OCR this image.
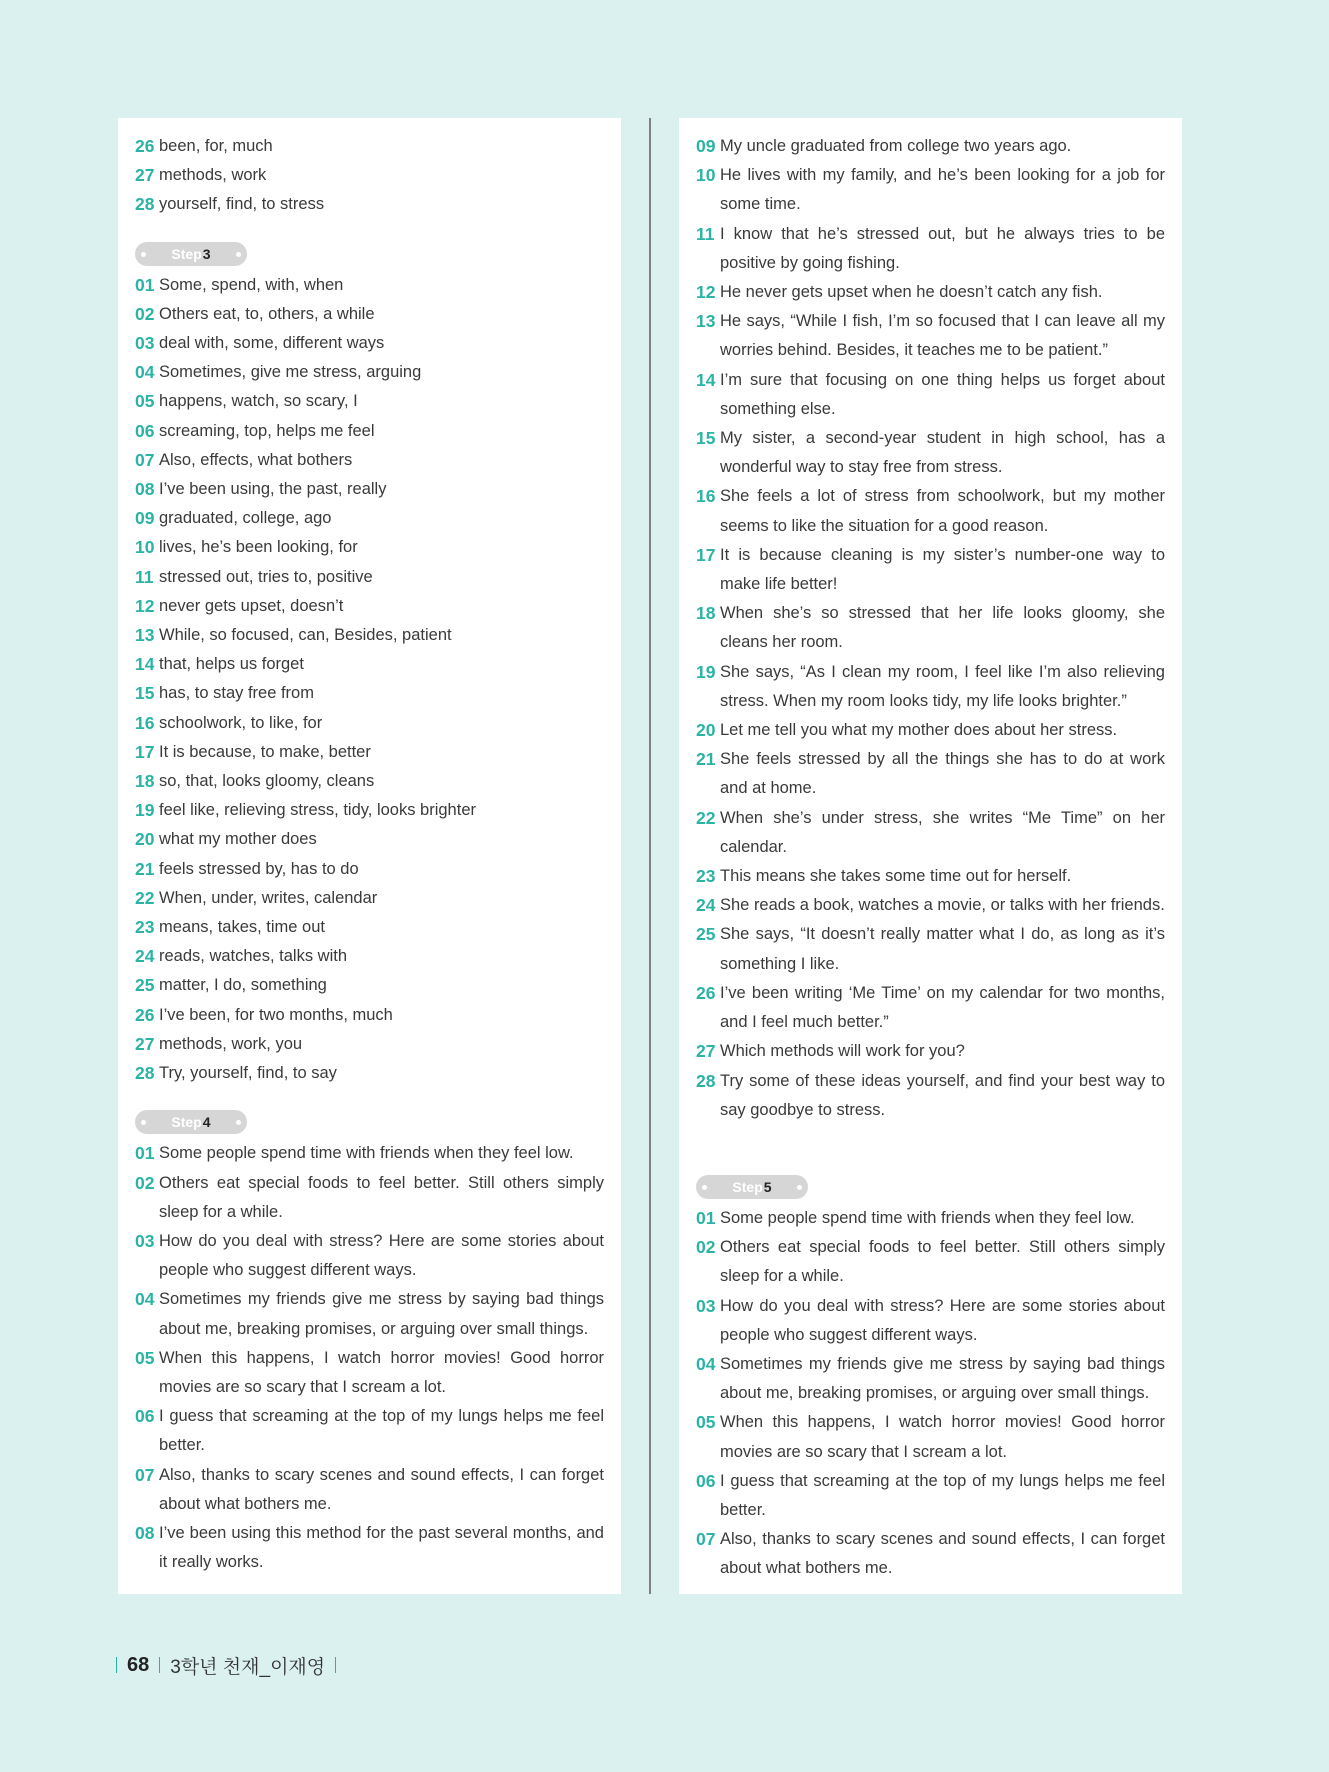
26 been, for, much
27 methods, work
28 yourself, find, to stress
Step 3
01 Some, spend, with, when
02 Others eat, to, others, a while
03 deal with, some, different ways
04 Sometimes, give me stress, arguing
05 happens, watch, so scary, I
06 screaming, top, helps me feel
07 Also, effects, what bothers
08 I’ve been using, the past, really
09 graduated, college, ago
10 lives, he’s been looking, for
11 stressed out, tries to, positive
12 never gets upset, doesn’t
13 While, so focused, can, Besides, patient
14 that, helps us forget
15 has, to stay free from
16 schoolwork, to like, for
17 It is because, to make, better
18 so, that, looks gloomy, cleans
19 feel like, relieving stress, tidy, looks brighter
20 what my mother does
21 feels stressed by, has to do
22 When, under, writes, calendar
23 means, takes, time out
24 reads, watches, talks with
25 matter, I do, something
26 I’ve been, for two months, much
27 methods, work, you
28 Try, yourself, find, to say
Step 4
01 Some people spend time with friends when they feel low.
02 Others eat special foods to feel better. Still others simply sleep for a while.
03 How do you deal with stress? Here are some stories about people who suggest different ways.
04 Sometimes my friends give me stress by saying bad things about me, breaking promises, or arguing over small things.
05 When this happens, I watch horror movies! Good horror movies are so scary that I scream a lot.
06 I guess that screaming at the top of my lungs helps me feel better.
07 Also, thanks to scary scenes and sound effects, I can forget about what bothers me.
08 I’ve been using this method for the past several months, and it really works.
09 My uncle graduated from college two years ago.
10 He lives with my family, and he’s been looking for a job for some time.
11 I know that he’s stressed out, but he always tries to be positive by going fishing.
12 He never gets upset when he doesn’t catch any fish.
13 He says, “While I fish, I’m so focused that I can leave all my worries behind. Besides, it teaches me to be patient.”
14 I’m sure that focusing on one thing helps us forget about something else.
15 My sister, a second-year student in high school, has a wonderful way to stay free from stress.
16 She feels a lot of stress from schoolwork, but my mother seems to like the situation for a good reason.
17 It is because cleaning is my sister’s number-one way to make life better!
18 When she’s so stressed that her life looks gloomy, she cleans her room.
19 She says, “As I clean my room, I feel like I’m also relieving stress. When my room looks tidy, my life looks brighter.”
20 Let me tell you what my mother does about her stress.
21 She feels stressed by all the things she has to do at work and at home.
22 When she’s under stress, she writes “Me Time” on her calendar.
23 This means she takes some time out for herself.
24 She reads a book, watches a movie, or talks with her friends.
25 She says, “It doesn’t really matter what I do, as long as it’s something I like.
26 I’ve been writing ‘Me Time’ on my calendar for two months, and I feel much better.”
27 Which methods will work for you?
28 Try some of these ideas yourself, and find your best way to say goodbye to stress.
Step 5
01 Some people spend time with friends when they feel low.
02 Others eat special foods to feel better. Still others simply sleep for a while.
03 How do you deal with stress? Here are some stories about people who suggest different ways.
04 Sometimes my friends give me stress by saying bad things about me, breaking promises, or arguing over small things.
05 When this happens, I watch horror movies! Good horror movies are so scary that I scream a lot.
06 I guess that screaming at the top of my lungs helps me feel better.
07 Also, thanks to scary scenes and sound effects, I can forget about what bothers me.
68 3학년 천재_이재영
